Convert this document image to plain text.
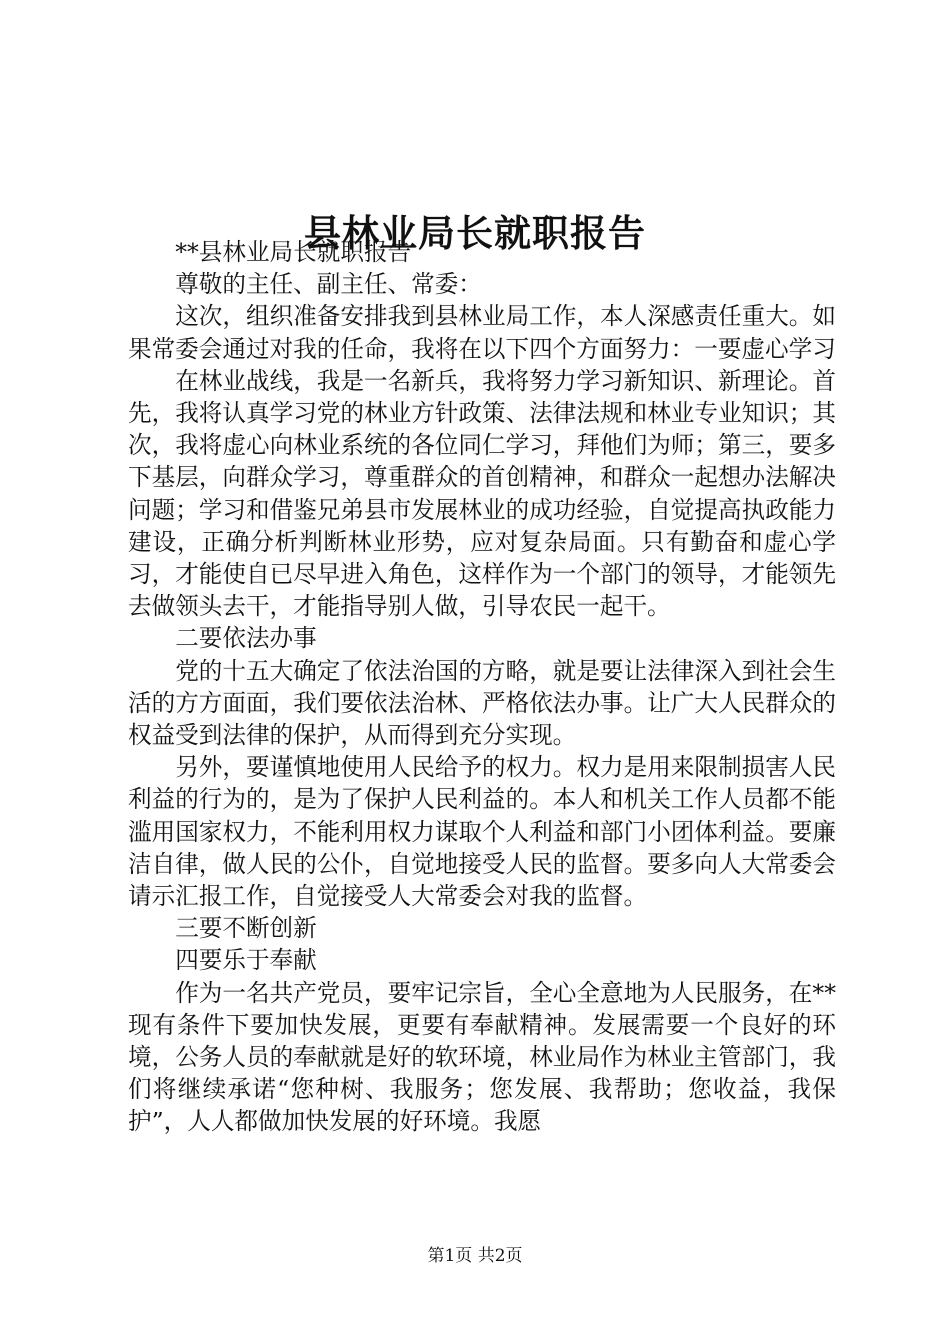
县林业局长就职报告

**县林业局长就职报告

尊敬的主任、副主任、常委：

这次，组织准备安排我到县林业局工作，本人深感责任重大。如果常委会通过对我的任命，我将在以下四个方面努力：一要虚心学习

在林业战线，我是一名新兵，我将努力学习新知识、新理论。首先，我将认真学习党的林业方针政策、法律法规和林业专业知识；其次，我将虚心向林业系统的各位同仁学习，拜他们为师；第三，要多下基层，向群众学习，尊重群众的首创精神，和群众一起想办法解决问题；学习和借鉴兄弟县市发展林业的成功经验，自觉提高执政能力建设，正确分析判断林业形势，应对复杂局面。只有勤奋和虚心学习，才能使自已尽早进入角色，这样作为一个部门的领导，才能领先去做领头去干，才能指导别人做，引导农民一起干。

二要依法办事

党的十五大确定了依法治国的方略，就是要让法律深入到社会生活的方方面面，我们要依法治林、严格依法办事。让广大人民群众的权益受到法律的保护，从而得到充分实现。

另外，要谨慎地使用人民给予的权力。权力是用来限制损害人民利益的行为的，是为了保护人民利益的。本人和机关工作人员都不能滥用国家权力，不能利用权力谋取个人利益和部门小团体利益。要廉洁自律，做人民的公仆，自觉地接受人民的监督。要多向人大常委会请示汇报工作，自觉接受人大常委会对我的监督。

三要不断创新

四要乐于奉献

作为一名共产党员，要牢记宗旨，全心全意地为人民服务，在**现有条件下要加快发展，更要有奉献精神。发展需要一个良好的环境，公务人员的奉献就是好的软环境，林业局作为林业主管部门，我们将继续承诺“您种树、我服务；您发展、我帮助；您收益，我保护”，人人都做加快发展的好环境。我愿

第1页 共2页
